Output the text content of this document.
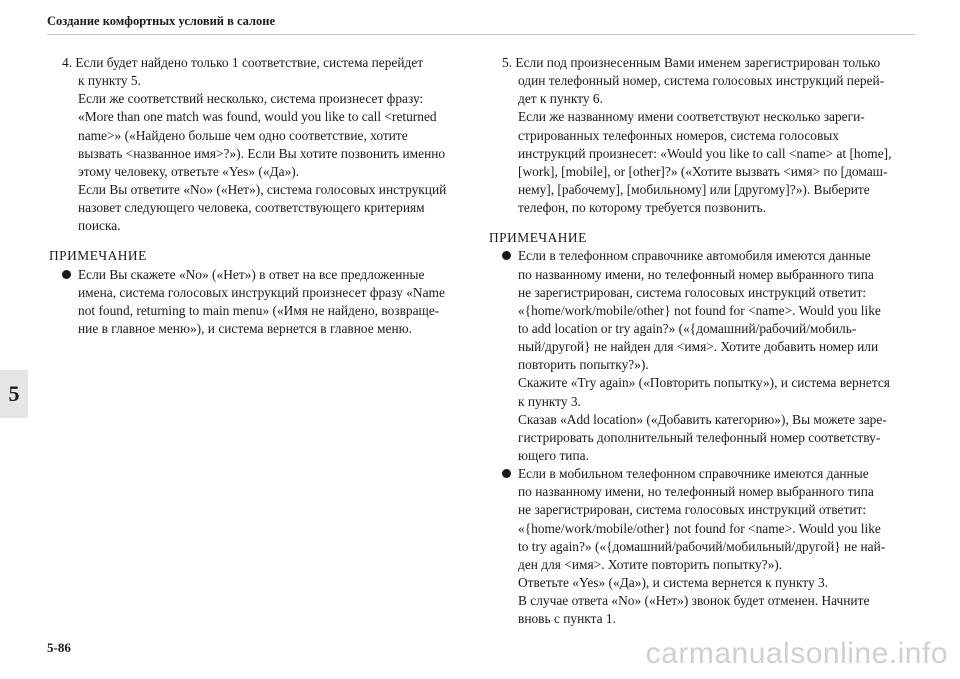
Создание комфортных условий в салоне
5
4. Если будет найдено только 1 соответствие, система перейдет
к пункту 5.
Если же соответствий несколько, система произнесет фразу:
«More than one match was found, would you like to call <returned
name>» («Найдено больше чем одно соответствие, хотите
вызвать <названное имя>?»). Если Вы хотите позвонить именно
этому человеку, ответьте «Yes» («Да»).
Если Вы ответите «No» («Нет»), система голосовых инструкций
назовет следующего человека, соответствующего критериям
поиска.
ПРИМЕЧАНИЕ
Если Вы скажете «No» («Нет») в ответ на все предложенные
имена, система голосовых инструкций произнесет фразу «Name
not found, returning to main menu» («Имя не найдено, возвраще-
ние в главное меню»), и система вернется в главное меню.
5. Если под произнесенным Вами именем зарегистрирован только
один телефонный номер, система голосовых инструкций перей-
дет к пункту 6.
Если же названному имени соответствуют несколько зареги-
стрированных телефонных номеров, система голосовых
инструкций произнесет: «Would you like to call <name> at [home],
[work], [mobile], or [other]?» («Хотите вызвать <имя> по [домаш-
нему], [рабочему], [мобильному] или [другому]?»). Выберите
телефон, по которому требуется позвонить.
ПРИМЕЧАНИЕ
Если в телефонном справочнике автомобиля имеются данные
по названному имени, но телефонный номер выбранного типа
не зарегистрирован, система голосовых инструкций ответит:
«{home/work/mobile/other} not found for <name>. Would you like
to add location or try again?» («{домашний/рабочий/мобиль-
ный/другой} не найден для <имя>. Хотите добавить номер или
повторить попытку?»).
Скажите «Try again» («Повторить попытку»), и система вернется
к пункту 3.
Сказав «Add location» («Добавить категорию»), Вы можете заре-
гистрировать дополнительный телефонный номер соответству-
ющего типа.
Если в мобильном телефонном справочнике имеются данные
по названному имени, но телефонный номер выбранного типа
не зарегистрирован, система голосовых инструкций ответит:
«{home/work/mobile/other} not found for <name>. Would you like
to try again?» («{домашний/рабочий/мобильный/другой} не най-
ден для <имя>. Хотите повторить попытку?»).
Ответьте «Yes» («Да»), и система вернется к пункту 3.
В случае ответа «No» («Нет») звонок будет отменен. Начните
вновь с пункта 1.
5-86	carmanualsonline.info
